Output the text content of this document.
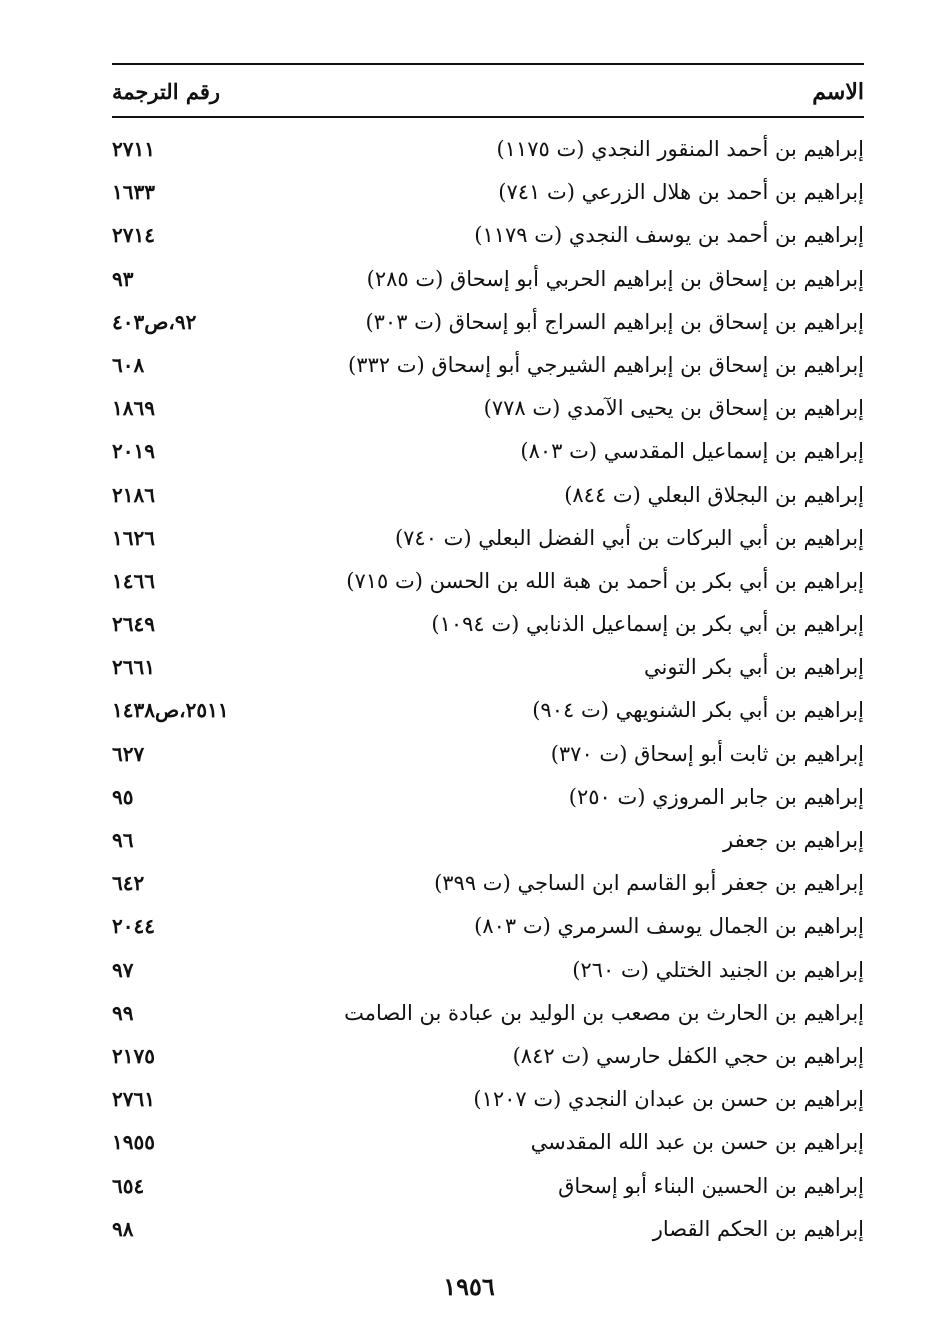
الاسم
رقم الترجمة
إبراهيم بن أحمد المنقور النجدي (ت ١١٧٥)
٢٧١١
إبراهيم بن أحمد بن هلال الزرعي (ت ٧٤١)
١٦٣٣
إبراهيم بن أحمد بن يوسف النجدي (ت ١١٧٩)
٢٧١٤
إبراهيم بن إسحاق بن إبراهيم الحربي أبو إسحاق (ت ٢٨٥)
٩٣
إبراهيم بن إسحاق بن إبراهيم السراج أبو إسحاق (ت ٣٠٣)
٩٢،ص٤٠٣
إبراهيم بن إسحاق بن إبراهيم الشيرجي أبو إسحاق (ت ٣٣٢)
٦٠٨
إبراهيم بن إسحاق بن يحيى الآمدي (ت ٧٧٨)
١٨٦٩
إبراهيم بن إسماعيل المقدسي (ت ٨٠٣)
٢٠١٩
إبراهيم بن البجلاق البعلي (ت ٨٤٤)
٢١٨٦
إبراهيم بن أبي البركات بن أبي الفضل البعلي (ت ٧٤٠)
١٦٢٦
إبراهيم بن أبي بكر بن أحمد بن هبة الله بن الحسن (ت ٧١٥)
١٤٦٦
إبراهيم بن أبي بكر بن إسماعيل الذنابي (ت ١٠٩٤)
٢٦٤٩
إبراهيم بن أبي بكر التوني
٢٦٦١
إبراهيم بن أبي بكر الشنويهي (ت ٩٠٤)
٢٥١١،ص١٤٣٨
إبراهيم بن ثابت أبو إسحاق (ت ٣٧٠)
٦٢٧
إبراهيم بن جابر المروزي (ت ٢٥٠)
٩٥
إبراهيم بن جعفر
٩٦
إبراهيم بن جعفر أبو القاسم ابن الساجي (ت ٣٩٩)
٦٤٢
إبراهيم بن الجمال يوسف السرمري (ت ٨٠٣)
٢٠٤٤
إبراهيم بن الجنيد الختلي (ت ٢٦٠)
٩٧
إبراهيم بن الحارث بن مصعب بن الوليد بن عبادة بن الصامت
٩٩
إبراهيم بن حجي الكفل حارسي (ت ٨٤٢)
٢١٧٥
إبراهيم بن حسن بن عبدان النجدي (ت ١٢٠٧)
٢٧٦١
إبراهيم بن حسن بن عبد الله المقدسي
١٩٥٥
إبراهيم بن الحسين البناء أبو إسحاق
٦٥٤
إبراهيم بن الحكم القصار
٩٨
١٩٥٦
